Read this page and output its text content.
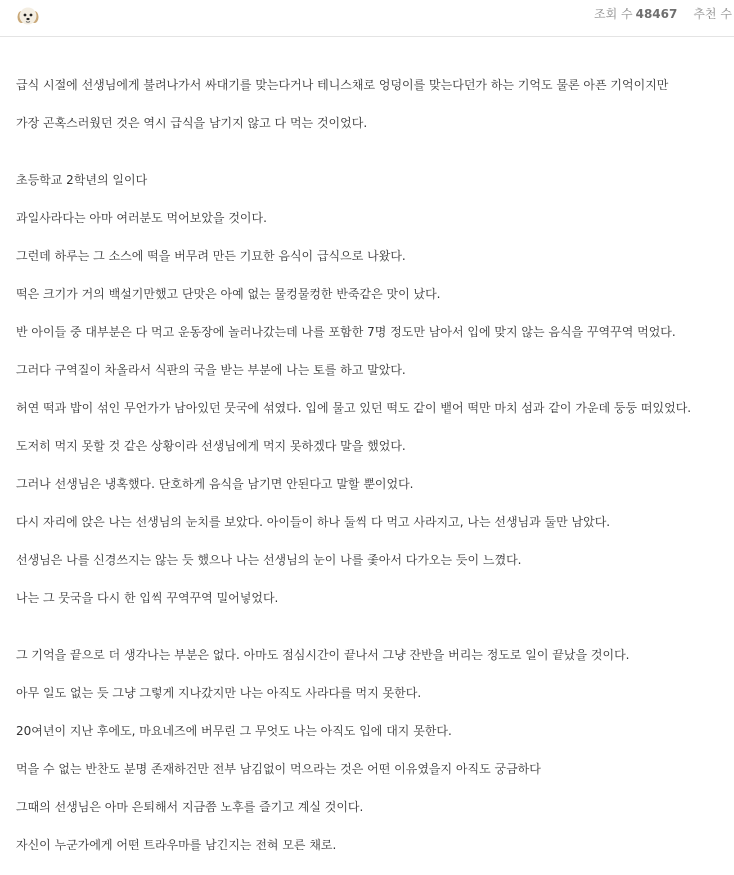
조회 수 48467 추천 수
급식 시절에 선생님에게 불려나가서 싸대기를 맞는다거나 테니스채로 엉덩이를 맞는다던가 하는 기억도 물론 아픈 기억이지만
가장 곤혹스러웠던 것은 역시 급식을 남기지 않고 다 먹는 것이었다.
초등학교 2학년의 일이다
과일사라다는 아마 여러분도 먹어보았을 것이다.
그런데 하루는 그 소스에 떡을 버무려 만든 기묘한 음식이 급식으로 나왔다.
떡은 크기가 거의 백설기만했고 단맛은 아예 없는 물컹물컹한 반죽같은 맛이 났다.
반 아이들 중 대부분은 다 먹고 운동장에 놀러나갔는데 나를 포함한 7명 정도만 남아서 입에 맞지 않는 음식을 꾸역꾸역 먹었다.
그러다 구역질이 차올라서 식판의 국을 받는 부분에 나는 토를 하고 말았다.
허연 떡과 밥이 섞인 무언가가 남아있던 뭇국에 섞였다. 입에 물고 있던 떡도 같이 뱉어 떡만 마치 섬과 같이 가운데 둥둥 떠있었다.
도저히 먹지 못할 것 같은 상황이라 선생님에게 먹지 못하겠다 말을 했었다.
그러나 선생님은 냉혹했다. 단호하게 음식을 남기면 안된다고 말할 뿐이었다.
다시 자리에 앉은 나는 선생님의 눈치를 보았다. 아이들이 하나 둘씩 다 먹고 사라지고, 나는 선생님과 둘만 남았다.
선생님은 나를 신경쓰지는 않는 듯 했으나 나는 선생님의 눈이 나를 좇아서 다가오는 듯이 느꼈다.
나는 그 뭇국을 다시 한 입씩 꾸역꾸역 밀어넣었다.
그 기억을 끝으로 더 생각나는 부분은 없다. 아마도 점심시간이 끝나서 그냥 잔반을 버리는 정도로 일이 끝났을 것이다.
아무 일도 없는 듯 그냥 그렇게 지나갔지만 나는 아직도 사라다를 먹지 못한다.
20여년이 지난 후에도, 마요네즈에 버무린 그 무엇도 나는 아직도 입에 대지 못한다.
먹을 수 없는 반찬도 분명 존재하건만 전부 남김없이 먹으라는 것은 어떤 이유였을지 아직도 궁금하다
그때의 선생님은 아마 은퇴해서 지금쯤 노후를 즐기고 계실 것이다.
자신이 누군가에게 어떤 트라우마를 남긴지는 전혀 모른 채로.
